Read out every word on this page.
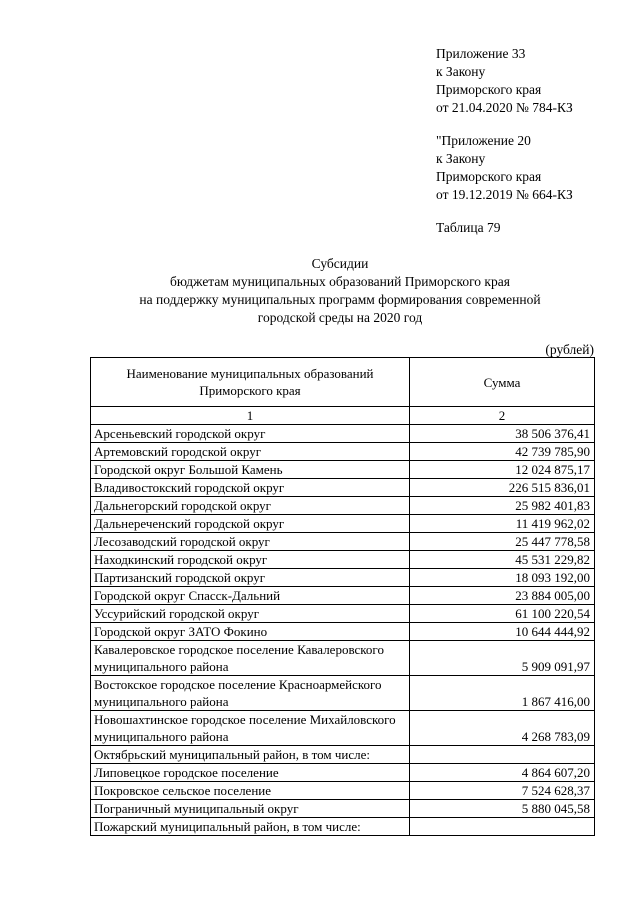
Приложение 33
к Закону
Приморского края
от 21.04.2020 № 784-КЗ
"Приложение 20
к Закону
Приморского края
от 19.12.2019 № 664-КЗ
Таблица 79
Субсидии
бюджетам муниципальных образований Приморского края
на поддержку муниципальных программ формирования современной
городской среды на 2020 год
(рублей)
Наименование муниципальных образований Приморского края	Сумма
1	2
Арсеньевский городской округ	38 506 376,41
Артемовский городской округ	42 739 785,90
Городской округ Большой Камень	12 024 875,17
Владивостокский городской округ	226 515 836,01
Дальнегорский городской округ	25 982 401,83
Дальнереченский городской округ	11 419 962,02
Лесозаводский городской округ	25 447 778,58
Находкинский городской округ	45 531 229,82
Партизанский городской округ	18 093 192,00
Городской округ Спасск-Дальний	23 884 005,00
Уссурийский городской округ	61 100 220,54
Городской округ ЗАТО Фокино	10 644 444,92
Кавалеровское городское поселение Кавалеровского муниципального района	5 909 091,97
Востокское городское поселение Красноармейского муниципального района	1 867 416,00
Новошахтинское городское поселение Михайловского муниципального района	4 268 783,09
Октябрьский муниципальный район, в том числе:	
Липовецкое городское поселение	4 864 607,20
Покровское сельское поселение	7 524 628,37
Пограничный муниципальный округ	5 880 045,58
Пожарский муниципальный район, в том числе:	
